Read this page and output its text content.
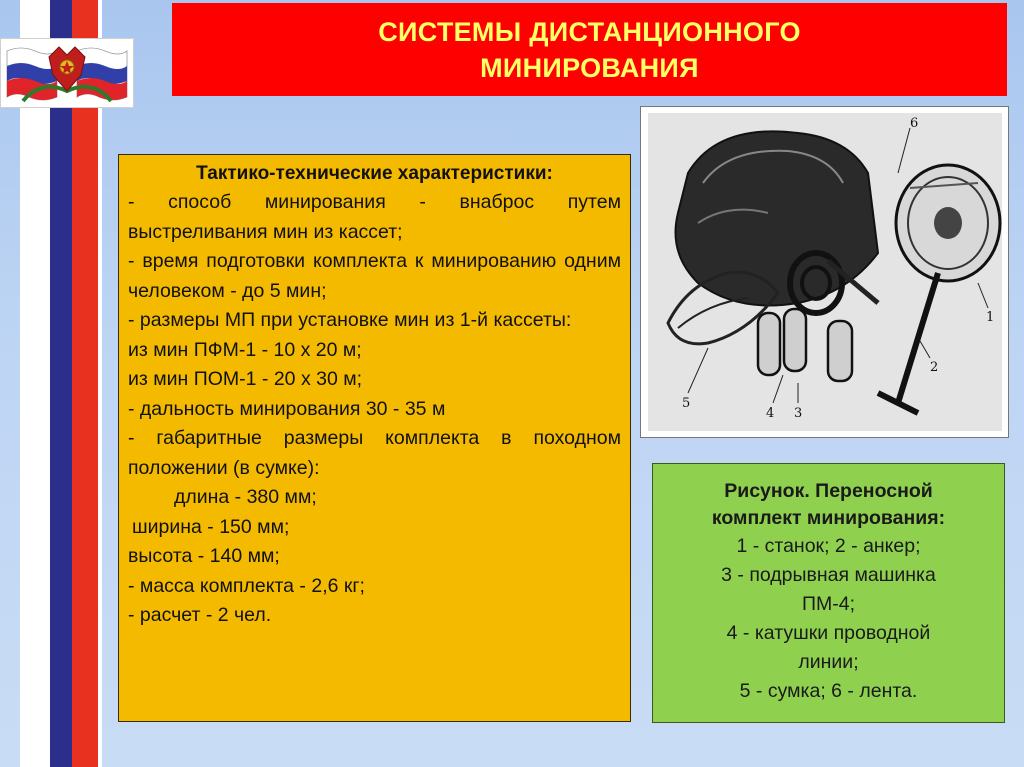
СИСТЕМЫ ДИСТАНЦИОННОГО
МИНИРОВАНИЯ
Тактико-технические характеристики:

- способ минирования - внаброс путем выстреливания мин из кассет;

- время подготовки комплекта к минированию одним человеком - до 5 мин;

- размеры МП при установке мин из 1-й кассеты:

из мин ПФМ-1 - 10 х 20 м;

из мин ПОМ-1 - 20 х 30 м;

- дальность минирования 30 - 35 м

- габаритные размеры комплекта в походном положении (в сумке):

длина - 380 мм;

ширина - 150 мм;

высота - 140 мм;

- масса комплекта - 2,6 кг;

- расчет - 2 чел.

6
1
2
3
4
5
Рисунок. Переносной
комплект минирования:
1 - станок; 2 - анкер;
3 - подрывная машинка
ПМ-4;
4 - катушки проводной
линии;
5 - сумка; 6 - лента.
